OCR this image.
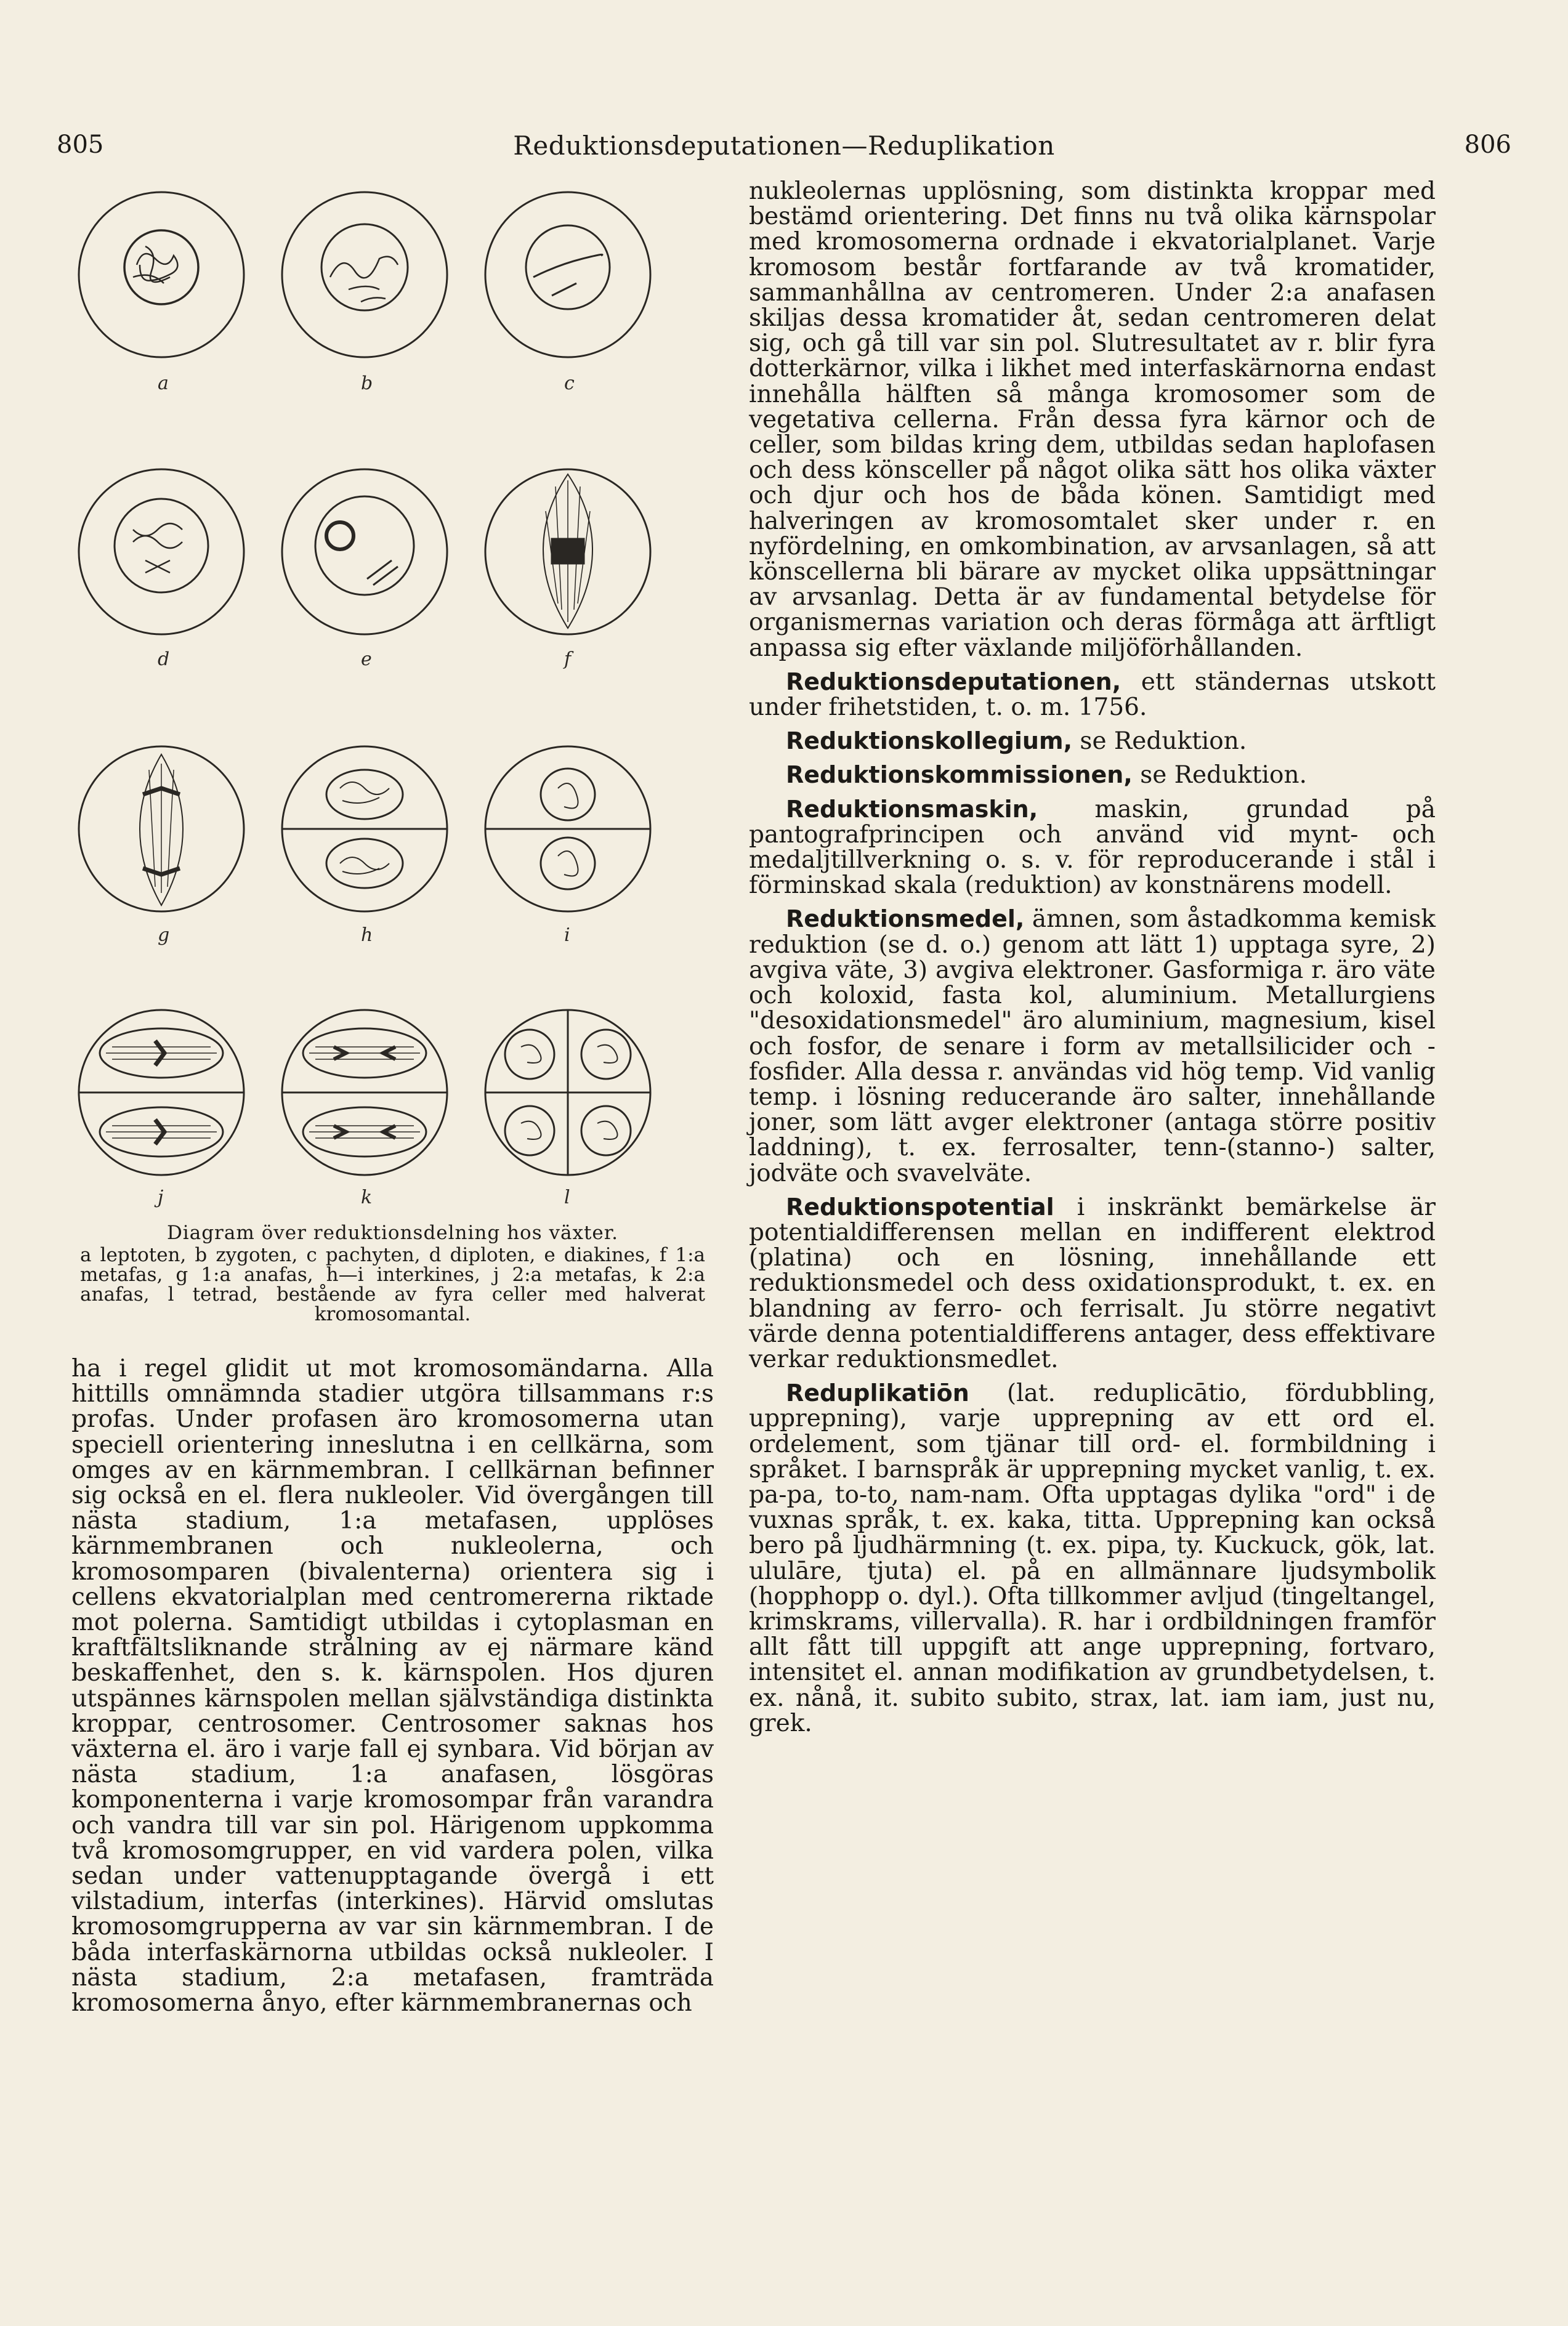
805	Reduktionsdeputationen—Reduplikation	806
a	b	c
d	e	f
g	h	i
j	k	l
Diagram över reduktionsdelning hos växter.
a leptoten, b zygoten, c pachyten, d diploten, e diakines, f 1:a metafas, g 1:a anafas, h—i interkines, j 2:a metafas, k 2:a anafas, l tetrad, bestående av fyra celler med halverat kromosomantal.

ha i regel glidit ut mot kromosomändarna. Alla hittills omnämnda stadier utgöra tillsammans r:s profas. Under profasen äro kromosomerna utan speciell orientering inneslutna i en cellkärna, som omges av en kärnmembran. I cellkärnan befinner sig också en el. flera nukleoler. Vid övergången till nästa stadium, 1:a metafasen, upplöses kärnmembranen och nukleolerna, och kromosomparen (bivalenterna) orientera sig i cellens ekvatorialplan med centromererna riktade mot polerna. Samtidigt utbildas i cytoplasman en kraftfältsliknande strålning av ej närmare känd beskaffenhet, den s. k. kärnspolen. Hos djuren utspännes kärnspolen mellan självständiga distinkta kroppar, centrosomer. Centrosomer saknas hos växterna el. äro i varje fall ej synbara. Vid början av nästa stadium, 1:a anafasen, lösgöras komponenterna i varje kromosompar från varandra och vandra till var sin pol. Härigenom uppkomma två kromosomgrupper, en vid vardera polen, vilka sedan under vattenupptagande övergå i ett vilstadium, interfas (interkines). Härvid omslutas kromosomgrupperna av var sin kärnmembran. I de båda interfaskärnorna utbildas också nukleoler. I nästa stadium, 2:a metafasen, framträda kromosomerna ånyo, efter kärnmembranernas och

nukleolernas upplösning, som distinkta kroppar med bestämd orientering. Det finns nu två olika kärnspolar med kromosomerna ordnade i ekvatorialplanet. Varje kromosom består fortfarande av två kromatider, sammanhållna av centromeren. Under 2:a anafasen skiljas dessa kromatider åt, sedan centromeren delat sig, och gå till var sin pol. Slutresultatet av r. blir fyra dotterkärnor, vilka i likhet med interfaskärnorna endast innehålla hälften så många kromosomer som de vegetativa cellerna. Från dessa fyra kärnor och de celler, som bildas kring dem, utbildas sedan haplofasen och dess könsceller på något olika sätt hos olika växter och djur och hos de båda könen. Samtidigt med halveringen av kromosomtalet sker under r. en nyfördelning, en omkombination, av arvsanlagen, så att könscellerna bli bärare av mycket olika uppsättningar av arvsanlag. Detta är av fundamental betydelse för organismernas variation och deras förmåga att ärftligt anpassa sig efter växlande miljöförhållanden.

Reduktionsdeputationen, ett ständernas utskott under frihetstiden, t. o. m. 1756.

Reduktionskollegium, se Reduktion.

Reduktionskommissionen, se Reduktion.

Reduktionsmaskin, maskin, grundad på pantografprincipen och använd vid mynt- och medaljtillverkning o. s. v. för reproducerande i stål i förminskad skala (reduktion) av konstnärens modell.

Reduktionsmedel, ämnen, som åstadkomma kemisk reduktion (se d. o.) genom att lätt 1) upptaga syre, 2) avgiva väte, 3) avgiva elektroner. Gasformiga r. äro väte och koloxid, fasta kol, aluminium. Metallurgiens "desoxidationsmedel" äro aluminium, magnesium, kisel och fosfor, de senare i form av metallsilicider och -fosfider. Alla dessa r. användas vid hög temp. Vid vanlig temp. i lösning reducerande äro salter, innehållande joner, som lätt avger elektroner (antaga större positiv laddning), t. ex. ferrosalter, tenn-(stanno-) salter, jodväte och svavelväte.

Reduktionspotential i inskränkt bemärkelse är potentialdifferensen mellan en indifferent elektrod (platina) och en lösning, innehållande ett reduktionsmedel och dess oxidationsprodukt, t. ex. en blandning av ferro- och ferrisalt. Ju större negativt värde denna potentialdifferens antager, dess effektivare verkar reduktionsmedlet.

Reduplikatiōn (lat. reduplicātio, fördubbling, upprepning), varje upprepning av ett ord el. ordelement, som tjänar till ord- el. formbildning i språket. I barnspråk är upprepning mycket vanlig, t. ex. pa-pa, to-to, nam-nam. Ofta upptagas dylika "ord" i de vuxnas språk, t. ex. kaka, titta. Upprepning kan också bero på ljudhärmning (t. ex. pipa, ty. Kuckuck, gök, lat. ululāre, tjuta) el. på en allmännare ljudsymbolik (hopphopp o. dyl.). Ofta tillkommer avljud (tingeltangel, krimskrams, villervalla). R. har i ordbildningen framför allt fått till uppgift att ange upprepning, fortvaro, intensitet el. annan modifikation av grundbetydelsen, t. ex. nånå, it. subito subito, strax, lat. iam iam, just nu, grek.
